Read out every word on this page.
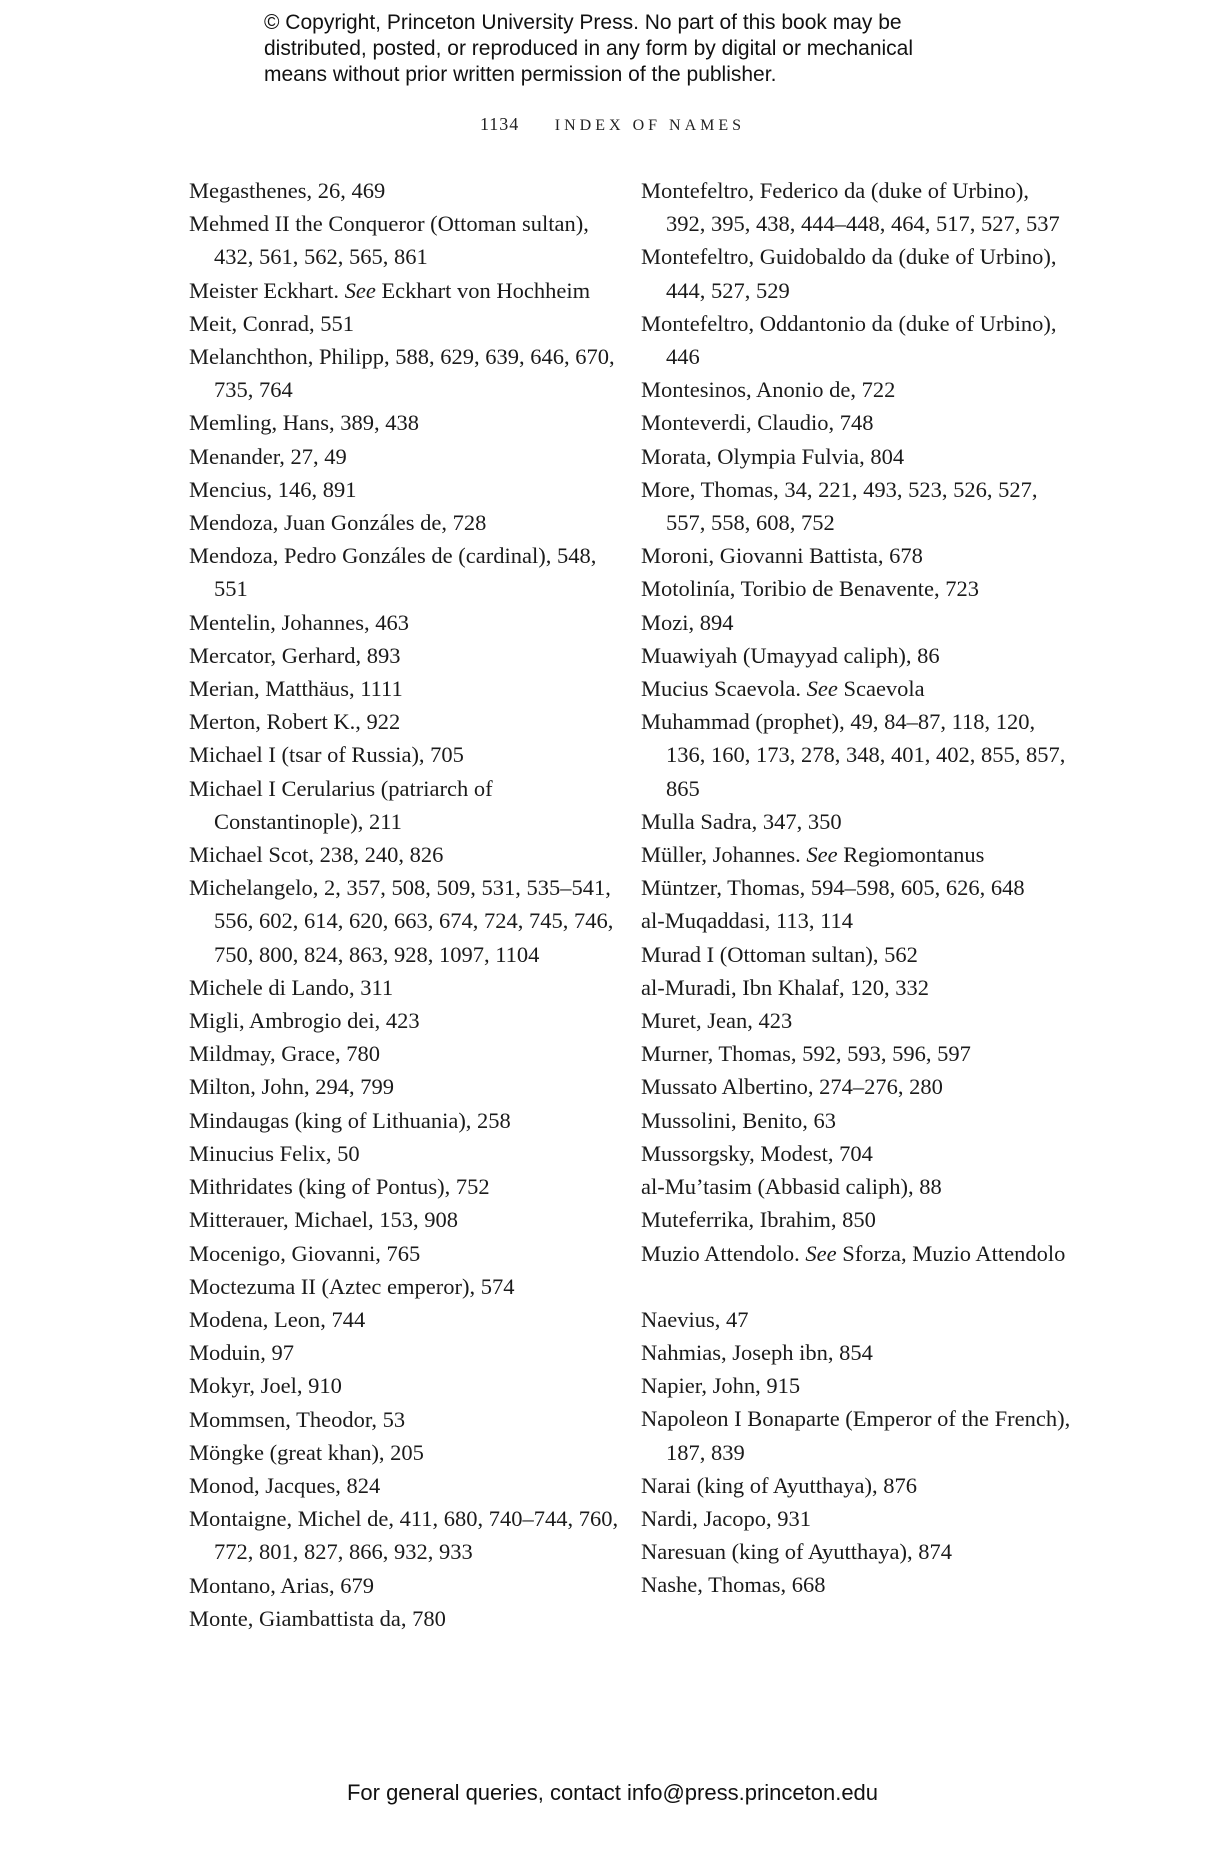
© Copyright, Princeton University Press. No part of this book may be
distributed, posted, or reproduced in any form by digital or mechanical
means without prior written permission of the publisher.
1134 INDEX OF NAMES
Megasthenes, 26, 469
Mehmed II the Conqueror (Ottoman sultan), 432, 561, 562, 565, 861
Meister Eckhart. See Eckhart von Hochheim
Meit, Conrad, 551
Melanchthon, Philipp, 588, 629, 639, 646, 670, 735, 764
Memling, Hans, 389, 438
Menander, 27, 49
Mencius, 146, 891
Mendoza, Juan Gonzáles de, 728
Mendoza, Pedro Gonzáles de (cardinal), 548, 551
Mentelin, Johannes, 463
Mercator, Gerhard, 893
Merian, Matthäus, 1111
Merton, Robert K., 922
Michael I (tsar of Russia), 705
Michael I Cerularius (patriarch of Constantinople), 211
Michael Scot, 238, 240, 826
Michelangelo, 2, 357, 508, 509, 531, 535–541, 556, 602, 614, 620, 663, 674, 724, 745, 746, 750, 800, 824, 863, 928, 1097, 1104
Michele di Lando, 311
Migli, Ambrogio dei, 423
Mildmay, Grace, 780
Milton, John, 294, 799
Mindaugas (king of Lithuania), 258
Minucius Felix, 50
Mithridates (king of Pontus), 752
Mitterauer, Michael, 153, 908
Mocenigo, Giovanni, 765
Moctezuma II (Aztec emperor), 574
Modena, Leon, 744
Moduin, 97
Mokyr, Joel, 910
Mommsen, Theodor, 53
Möngke (great khan), 205
Monod, Jacques, 824
Montaigne, Michel de, 411, 680, 740–744, 760, 772, 801, 827, 866, 932, 933
Montano, Arias, 679
Monte, Giambattista da, 780
Montefeltro, Federico da (duke of Urbino), 392, 395, 438, 444–448, 464, 517, 527, 537
Montefeltro, Guidobaldo da (duke of Urbino), 444, 527, 529
Montefeltro, Oddantonio da (duke of Urbino), 446
Montesinos, Anonio de, 722
Monteverdi, Claudio, 748
Morata, Olympia Fulvia, 804
More, Thomas, 34, 221, 493, 523, 526, 527, 557, 558, 608, 752
Moroni, Giovanni Battista, 678
Motolinía, Toribio de Benavente, 723
Mozi, 894
Muawiyah (Umayyad caliph), 86
Mucius Scaevola. See Scaevola
Muhammad (prophet), 49, 84–87, 118, 120, 136, 160, 173, 278, 348, 401, 402, 855, 857, 865
Mulla Sadra, 347, 350
Müller, Johannes. See Regiomontanus
Müntzer, Thomas, 594–598, 605, 626, 648
al-Muqaddasi, 113, 114
Murad I (Ottoman sultan), 562
al-Muradi, Ibn Khalaf, 120, 332
Muret, Jean, 423
Murner, Thomas, 592, 593, 596, 597
Mussato Albertino, 274–276, 280
Mussolini, Benito, 63
Mussorgsky, Modest, 704
al-Mu’tasim (Abbasid caliph), 88
Muteferrika, Ibrahim, 850
Muzio Attendolo. See Sforza, Muzio Attendolo
Naevius, 47
Nahmias, Joseph ibn, 854
Napier, John, 915
Napoleon I Bonaparte (Emperor of the French), 187, 839
Narai (king of Ayutthaya), 876
Nardi, Jacopo, 931
Naresuan (king of Ayutthaya), 874
Nashe, Thomas, 668
For general queries, contact info@press.princeton.edu
